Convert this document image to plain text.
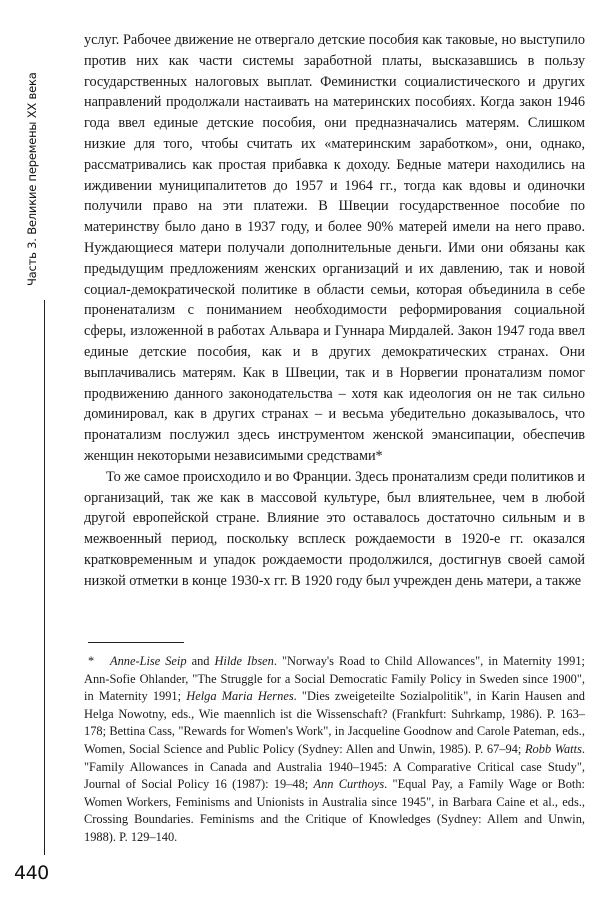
Часть 3. Великие перемены XX века
440

услуг. Рабочее движение не отвергало детские пособия как таковые, но выступило против них как части системы заработной платы, высказавшись в пользу государственных налоговых выплат. Феминистки социалистического и других направлений продолжали настаивать на материнских пособиях. Когда закон 1946 года ввел единые детские пособия, они предназначались матерям. Слишком низкие для того, чтобы считать их «материнским заработком», они, однако, рассматривались как простая прибавка к доходу. Бедные матери находились на иждивении муниципалитетов до 1957 и 1964 гг., тогда как вдовы и одиночки получили право на эти платежи. В Швеции государственное пособие по материнству было дано в 1937 году, и более 90% матерей имели на него право. Нуждающиеся матери получали дополнительные деньги. Ими они обязаны как предыдущим предложениям женских организаций и их давлению, так и новой социал-демократической политике в области семьи, которая объединила в себе проненатализм с пониманием необходимости реформирования социальной сферы, изложенной в работах Альвара и Гуннара Мирдалей. Закон 1947 года ввел единые детские пособия, как и в других демократических странах. Они выплачивались матерям. Как в Швеции, так и в Норвегии пронатализм помог продвижению данного законодательства – хотя как идеология он не так сильно доминировал, как в других странах – и весьма убедительно доказывалось, что пронатализм послужил здесь инструментом женской эмансипации, обеспечив женщин некоторыми независимыми средствами*

То же самое происходило и во Франции. Здесь пронатализм среди политиков и организаций, так же как в массовой культуре, был влиятельнее, чем в любой другой европейской стране. Влияние это оставалось достаточно сильным и в межвоенный период, поскольку всплеск рождаемости в 1920-е гг. оказался кратковременным и упадок рождаемости продолжился, достигнув своей самой низкой отметки в конце 1930-х гг. В 1920 году был учрежден день матери, а также

* Anne-Lise Seip and Hilde Ibsen. "Norway's Road to Child Allowances", in Maternity 1991; Ann-Sofie Ohlander, "The Struggle for a Social Democratic Family Policy in Sweden since 1900", in Maternity 1991; Helga Maria Hernes. "Dies zweigeteilte Sozialpolitik", in Karin Hausen and Helga Nowotny, eds., Wie maennlich ist die Wissenschaft? (Frankfurt: Suhrkamp, 1986). P. 163–178; Bettina Cass, "Rewards for Women's Work", in Jacqueline Goodnow and Carole Pateman, eds., Women, Social Science and Public Policy (Sydney: Allen and Unwin, 1985). P. 67–94; Robb Watts. "Family Allowances in Canada and Australia 1940–1945: A Comparative Critical case Study", Journal of Social Policy 16 (1987): 19–48; Ann Curthoys. "Equal Pay, a Family Wage or Both: Women Workers, Feminisms and Unionists in Australia since 1945", in Barbara Caine et al., eds., Crossing Boundaries. Feminisms and the Critique of Knowledges (Sydney: Allem and Unwin, 1988). P. 129–140.
